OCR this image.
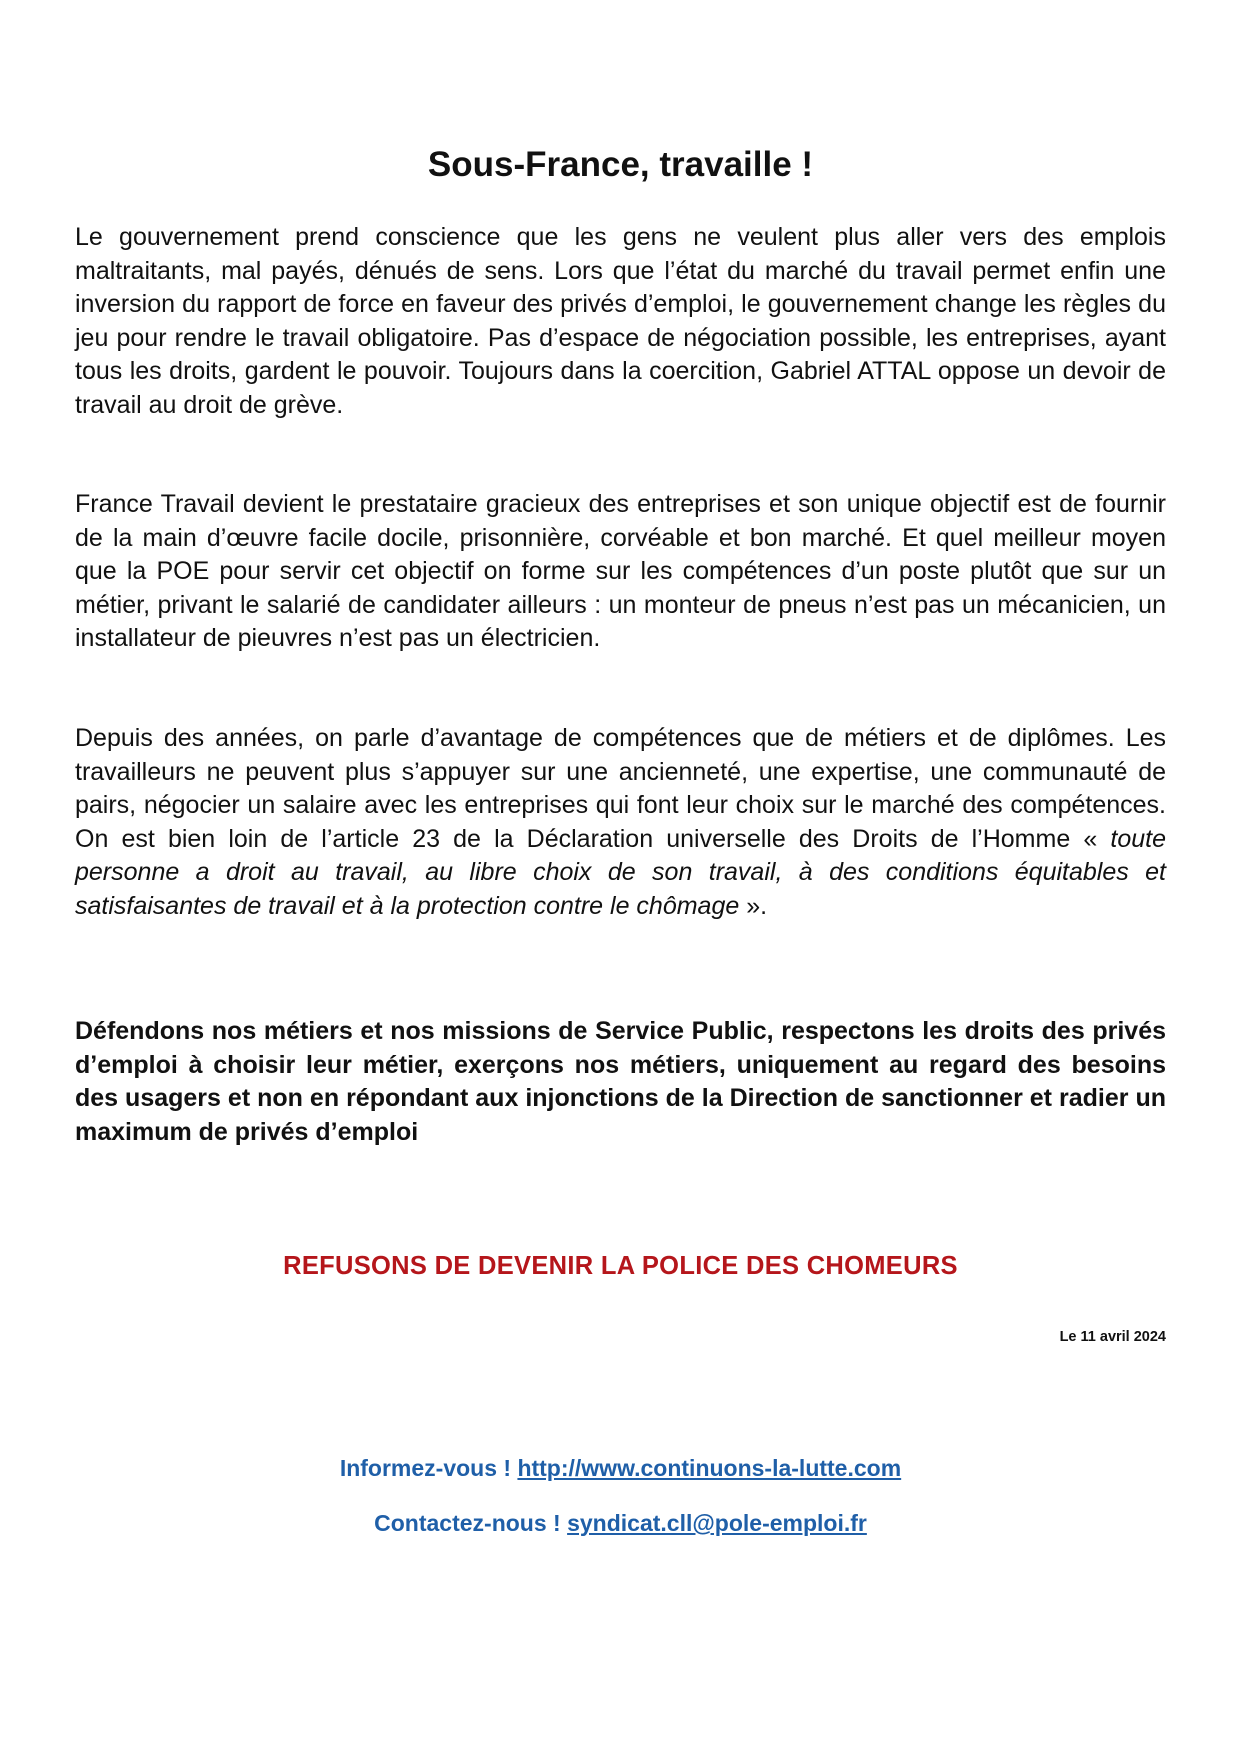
Sous-France, travaille !

Le gouvernement prend conscience que les gens ne veulent plus aller vers des emplois maltraitants, mal payés, dénués de sens. Lors que l’état du marché du travail permet enfin une inversion du rapport de force en faveur des privés d’emploi, le gouvernement change les règles du jeu pour rendre le travail obligatoire. Pas d’espace de négociation possible, les entreprises, ayant tous les droits, gardent le pouvoir. Toujours dans la coercition, Gabriel ATTAL oppose un devoir de travail au droit de grève.

France Travail devient le prestataire gracieux des entreprises et son unique objectif est de fournir de la main d’œuvre facile docile, prisonnière, corvéable et bon marché. Et quel meilleur moyen que la POE pour servir cet objectif on forme sur les compétences d’un poste plutôt que sur un métier, privant le salarié de candidater ailleurs : un monteur de pneus n’est pas un mécanicien, un installateur de pieuvres n’est pas un électricien.

Depuis des années, on parle d’avantage de compétences que de métiers et de diplômes. Les travailleurs ne peuvent plus s’appuyer sur une ancienneté, une expertise, une communauté de pairs, négocier un salaire avec les entreprises qui font leur choix sur le marché des compétences. On est bien loin de l’article 23 de la Déclaration universelle des Droits de l’Homme « toute personne a droit au travail, au libre choix de son travail, à des conditions équitables et satisfaisantes de travail et à la protection contre le chômage ».

Défendons nos métiers et nos missions de Service Public, respectons les droits des privés d’emploi à choisir leur métier, exerçons nos métiers, uniquement au regard des besoins des usagers et non en répondant aux injonctions de la Direction de sanctionner et radier un maximum de privés d’emploi

REFUSONS DE DEVENIR LA POLICE DES CHOMEURS
Le 11 avril 2024
Informez-vous ! http://www.continuons-la-lutte.com
Contactez-nous ! syndicat.cll@pole-emploi.fr
